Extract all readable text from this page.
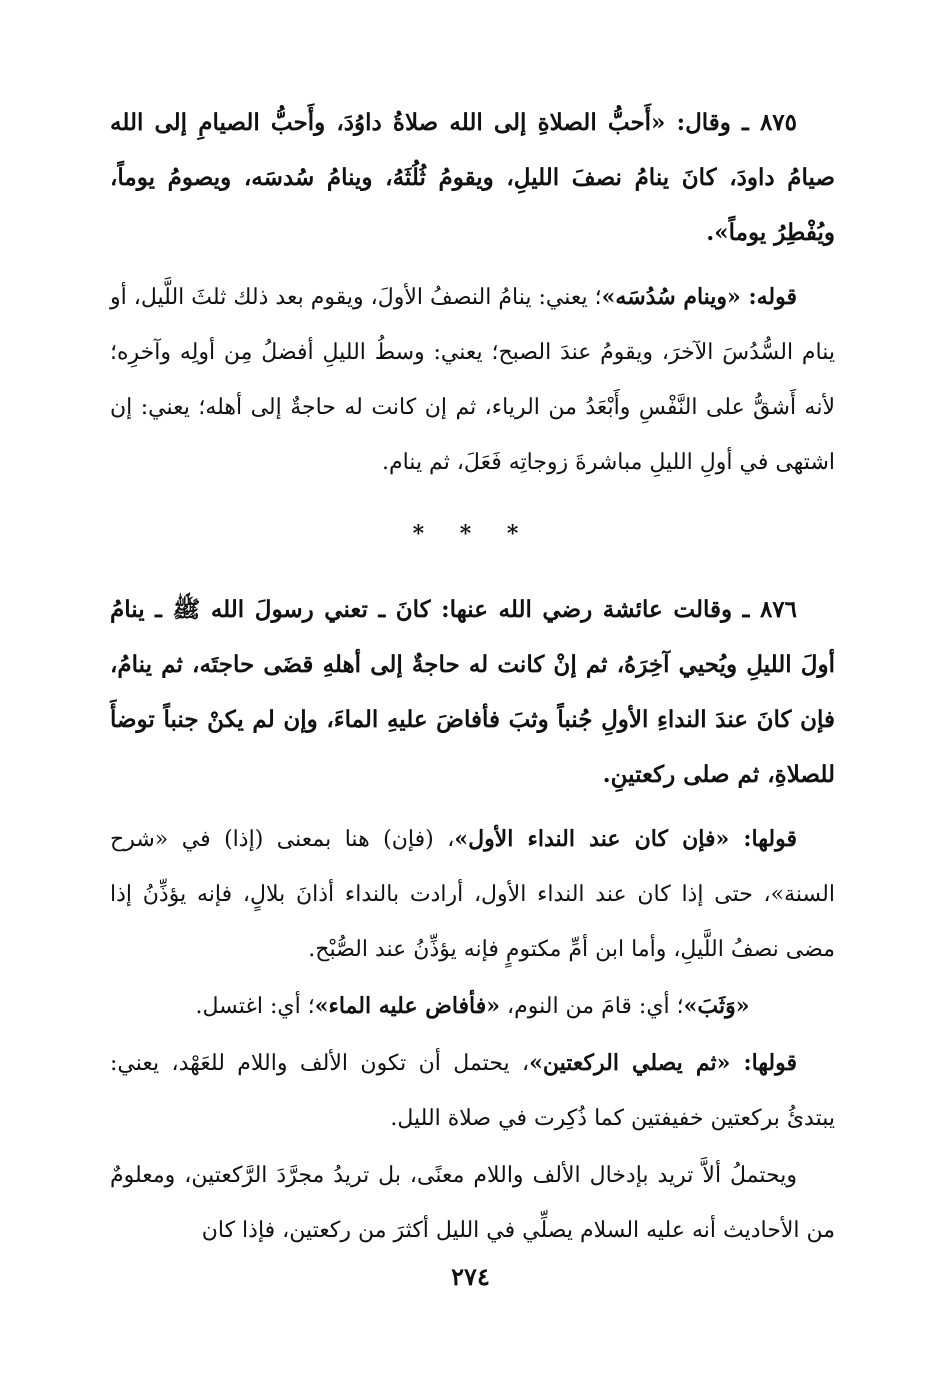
٨٧٥ ـ وقال: «أَحبُّ الصلاةِ إلى الله صلاةُ داوُدَ، وأَحبُّ الصيامِ إلى الله صيامُ داودَ، كانَ ينامُ نصفَ الليلِ، ويقومُ ثُلُثَهُ، وينامُ سُدسَه، ويصومُ يوماً، ويُفْطِرُ يوماً».

قوله: «وينام سُدُسَه»؛ يعني: ينامُ النصفُ الأولَ، ويقوم بعد ذلك ثلثَ اللَّيل، أو ينام السُّدُسَ الآخرَ، ويقومُ عندَ الصبح؛ يعني: وسطُ الليلِ أفضلُ مِن أولِه وآخرِه؛ لأنه أَشقُّ على النَّفْسِ وأَبْعَدُ من الرياء، ثم إن كانت له حاجةٌ إلى أهله؛ يعني: إن اشتهى في أولِ الليلِ مباشرةَ زوجاتِه فَعَلَ، ثم ينام.

* * *

٨٧٦ ـ وقالت عائشة رضي الله عنها: كانَ ـ تعني رسولَ الله ﷺ ـ ينامُ أولَ الليلِ ويُحيي آخِرَهُ، ثم إنْ كانت له حاجةٌ إلى أهلهِ قضَى حاجتَه، ثم ينامُ، فإن كانَ عندَ النداءِ الأولِ جُنباً وثبَ فأفاضَ عليهِ الماءَ، وإن لم يكنْ جنباً توضأَ للصلاةِ، ثم صلى ركعتينِ.

قولها: «فإن كان عند النداء الأول»، (فإن) هنا بمعنى (إذا) في «شرح السنة»، حتى إذا كان عند النداء الأول، أرادت بالنداء أذانَ بلالٍ، فإنه يؤذِّنُ إذا مضى نصفُ اللَّيلِ، وأما ابن أمِّ مكتومٍ فإنه يؤذِّنُ عند الصُّبْح.

«وَثَبَ»؛ أي: قامَ من النوم، «فأفاض عليه الماء»؛ أي: اغتسل.

قولها: «ثم يصلي الركعتين»، يحتمل أن تكون الألف واللام للعَهْد، يعني: يبتدئُ بركعتين خفيفتين كما ذُكِرت في صلاة الليل.

ويحتملُ ألاَّ تريد بإدخال الألف واللام معنًى، بل تريدُ مجرَّدَ الرَّكعتين، ومعلومٌ من الأحاديث أنه عليه السلام يصلِّي في الليل أكثرَ من ركعتين، فإذا كان

٢٧٤
